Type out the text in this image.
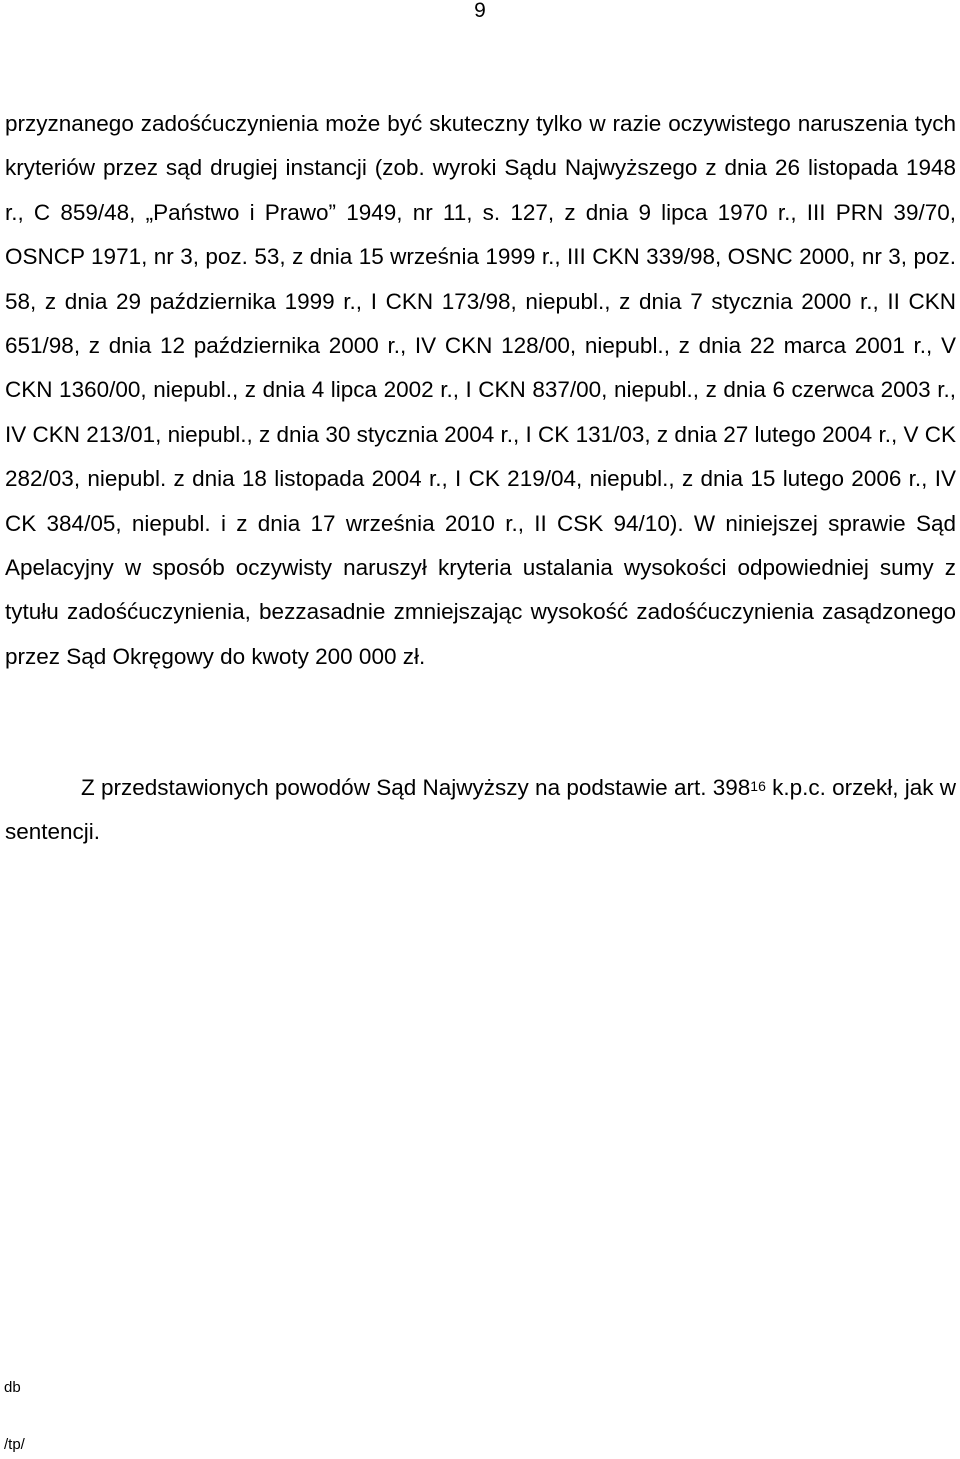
9

przyznanego zadośćuczynienia może być skuteczny tylko w razie oczywistego naruszenia tych kryteriów przez sąd drugiej instancji (zob. wyroki Sądu Najwyższego z dnia 26 listopada 1948 r., C 859/48, „Państwo i Prawo” 1949, nr 11, s. 127, z dnia 9 lipca 1970 r., III PRN 39/70, OSNCP 1971, nr 3, poz. 53, z dnia 15 września 1999 r., III CKN 339/98, OSNC 2000, nr 3, poz. 58, z dnia 29 października 1999 r., I CKN 173/98, niepubl., z dnia 7 stycznia 2000 r., II CKN 651/98, z dnia 12 października 2000 r., IV CKN 128/00, niepubl., z dnia 22 marca 2001 r., V CKN 1360/00, niepubl., z dnia 4 lipca 2002 r., I CKN 837/00, niepubl., z dnia 6 czerwca 2003 r., IV CKN 213/01, niepubl., z dnia 30 stycznia 2004 r., I CK 131/03, z dnia 27 lutego 2004 r., V CK 282/03, niepubl. z dnia 18 listopada 2004 r., I CK 219/04, niepubl., z dnia 15 lutego 2006 r., IV CK 384/05, niepubl. i z dnia 17 września 2010 r., II CSK 94/10). W niniejszej sprawie Sąd Apelacyjny w sposób oczywisty naruszył kryteria ustalania wysokości odpowiedniej sumy z tytułu zadośćuczynienia, bezzasadnie zmniejszając wysokość zadośćuczynienia zasądzonego przez Sąd Okręgowy do kwoty 200 000 zł.

Z przedstawionych powodów Sąd Najwyższy na podstawie art. $398^{16}$ k.p.c. orzekł, jak w sentencji.

db
/tp/
